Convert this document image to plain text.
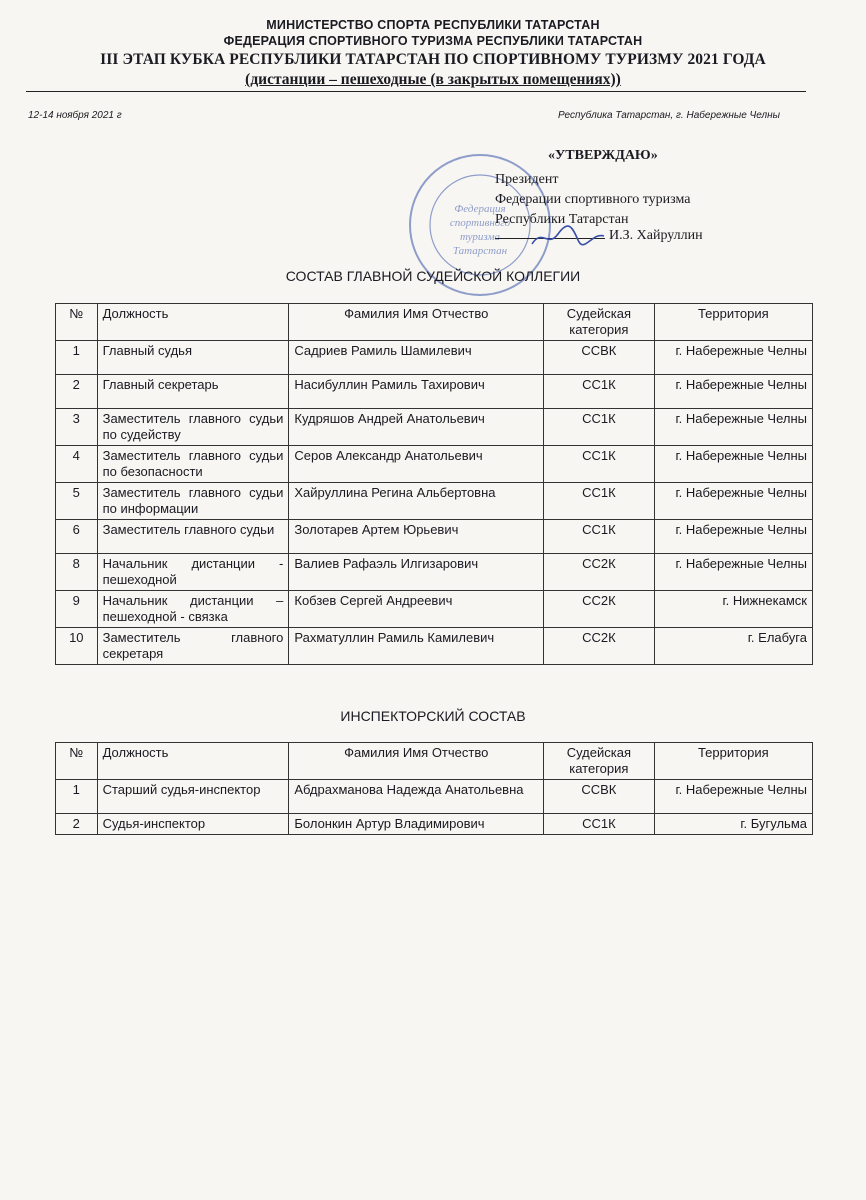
МИНИСТЕРСТВО СПОРТА РЕСПУБЛИКИ ТАТАРСТАН
ФЕДЕРАЦИЯ СПОРТИВНОГО ТУРИЗМА РЕСПУБЛИКИ ТАТАРСТАН
III ЭТАП КУБКА РЕСПУБЛИКИ ТАТАРСТАН ПО СПОРТИВНОМУ ТУРИЗМУ 2021 ГОДА
(дистанции – пешеходные (в закрытых помещениях))
12-14 ноября 2021 г	Республика Татарстан, г. Набережные Челны
Федерация
спортивного
туризма
Татарстан
«УТВЕРЖДАЮ»
Президент
Федерации спортивного туризма
Республики Татарстан
И.З. Хайруллин
СОСТАВ ГЛАВНОЙ СУДЕЙСКОЙ КОЛЛЕГИИ
№	Должность	Фамилия Имя Отчество	Судейская категория	Территория
1	Главный судья	Садриев Рамиль Шамилевич	ССВК	г. Набережные Челны
2	Главный секретарь	Насибуллин Рамиль Тахирович	СС1К	г. Набережные Челны
3	Заместитель главного судьи по судейству	Кудряшов Андрей Анатольевич	СС1К	г. Набережные Челны
4	Заместитель главного судьи по безопасности	Серов Александр Анатольевич	СС1К	г. Набережные Челны
5	Заместитель главного судьи по информации	Хайруллина Регина Альбертовна	СС1К	г. Набережные Челны
6	Заместитель главного судьи	Золотарев Артем Юрьевич	СС1К	г. Набережные Челны
8	Начальник дистанции - пешеходной	Валиев Рафаэль Илгизарович	СС2К	г. Набережные Челны
9	Начальник дистанции – пешеходной - связка	Кобзев Сергей Андреевич	СС2К	г. Нижнекамск
10	Заместитель главного секретаря	Рахматуллин Рамиль Камилевич	СС2К	г. Елабуга
ИНСПЕКТОРСКИЙ СОСТАВ
№	Должность	Фамилия Имя Отчество	Судейская категория	Территория
1	Старший судья-инспектор	Абдрахманова Надежда Анатольевна	ССВК	г. Набережные Челны
2	Судья-инспектор	Болонкин Артур Владимирович	СС1К	г. Бугульма
